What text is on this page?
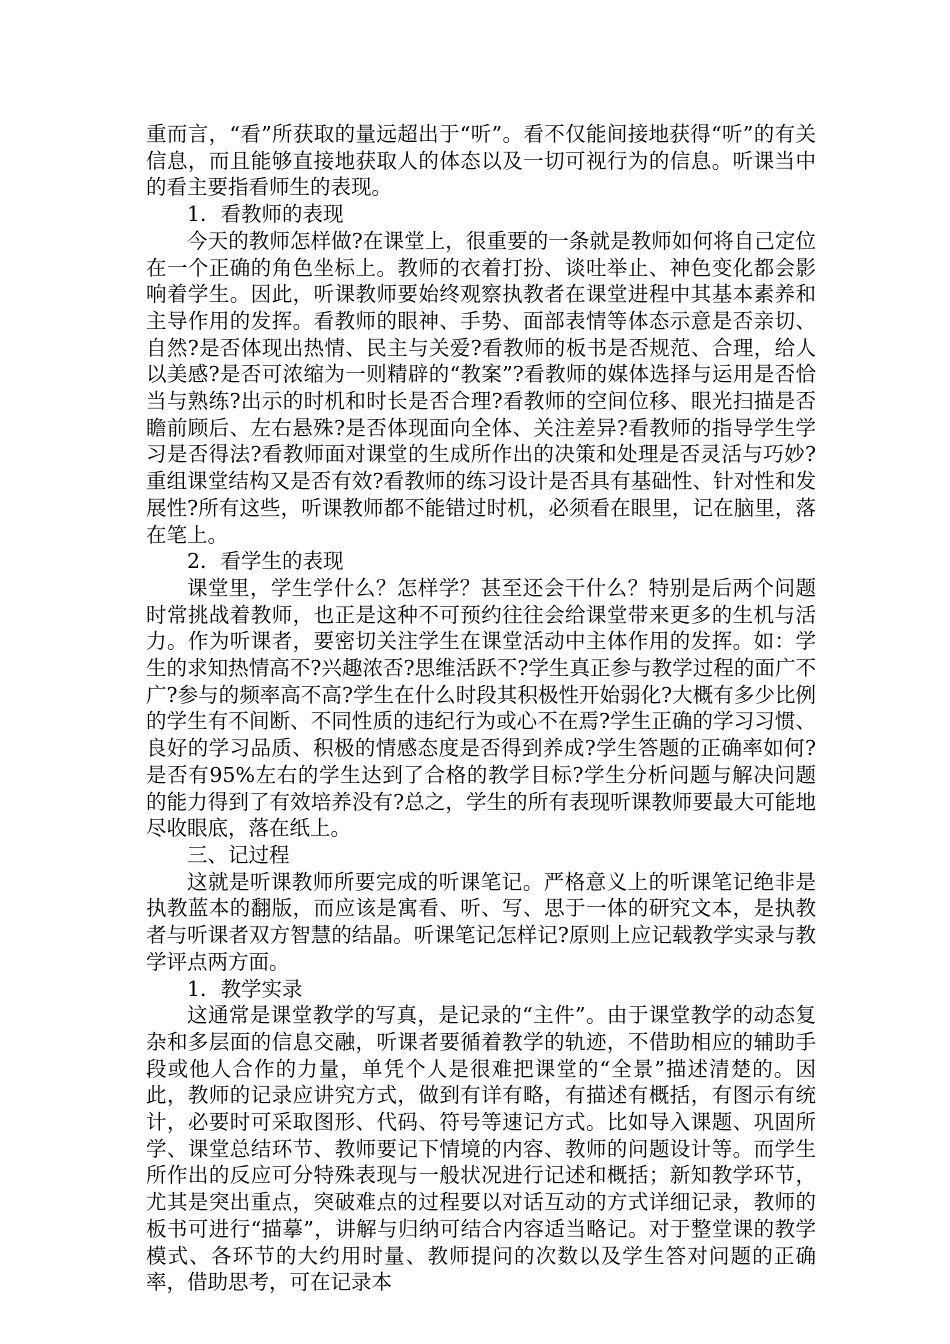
重而言，“看”所获取的量远超出于“听”。看不仅能间接地获得“听”的有关信息，而且能够直接地获取人的体态以及一切可视行为的信息。听课当中的看主要指看师生的表现。

1．看教师的表现

今天的教师怎样做?在课堂上，很重要的一条就是教师如何将自己定位在一个正确的角色坐标上。教师的衣着打扮、谈吐举止、神色变化都会影响着学生。因此，听课教师要始终观察执教者在课堂进程中其基本素养和主导作用的发挥。看教师的眼神、手势、面部表情等体态示意是否亲切、自然?是否体现出热情、民主与关爱?看教师的板书是否规范、合理，给人以美感?是否可浓缩为一则精辟的“教案”?看教师的媒体选择与运用是否恰当与熟练?出示的时机和时长是否合理?看教师的空间位移、眼光扫描是否瞻前顾后、左右悬殊?是否体现面向全体、关注差异?看教师的指导学生学习是否得法?看教师面对课堂的生成所作出的决策和处理是否灵活与巧妙?重组课堂结构又是否有效?看教师的练习设计是否具有基础性、针对性和发展性?所有这些，听课教师都不能错过时机，必须看在眼里，记在脑里，落在笔上。

2．看学生的表现

课堂里，学生学什么？怎样学？甚至还会干什么？特别是后两个问题时常挑战着教师，也正是这种不可预约往往会给课堂带来更多的生机与活力。作为听课者，要密切关注学生在课堂活动中主体作用的发挥。如：学生的求知热情高不?兴趣浓否?思维活跃不?学生真正参与教学过程的面广不广?参与的频率高不高?学生在什么时段其积极性开始弱化?大概有多少比例的学生有不间断、不同性质的违纪行为或心不在焉?学生正确的学习习惯、良好的学习品质、积极的情感态度是否得到养成?学生答题的正确率如何?是否有95%左右的学生达到了合格的教学目标?学生分析问题与解决问题的能力得到了有效培养没有?总之，学生的所有表现听课教师要最大可能地尽收眼底，落在纸上。

三、记过程

这就是听课教师所要完成的听课笔记。严格意义上的听课笔记绝非是执教蓝本的翻版，而应该是寓看、听、写、思于一体的研究文本，是执教者与听课者双方智慧的结晶。听课笔记怎样记?原则上应记载教学实录与教学评点两方面。

1．教学实录

这通常是课堂教学的写真，是记录的“主件”。由于课堂教学的动态复杂和多层面的信息交融，听课者要循着教学的轨迹，不借助相应的辅助手段或他人合作的力量，单凭个人是很难把课堂的“全景”描述清楚的。因此，教师的记录应讲究方式，做到有详有略，有描述有概括，有图示有统计，必要时可采取图形、代码、符号等速记方式。比如导入课题、巩固所学、课堂总结环节、教师要记下情境的内容、教师的问题设计等。而学生所作出的反应可分特殊表现与一般状况进行记述和概括；新知教学环节，尤其是突出重点，突破难点的过程要以对话互动的方式详细记录，教师的板书可进行“描摹”，讲解与归纳可结合内容适当略记。对于整堂课的教学模式、各环节的大约用时量、教师提问的次数以及学生答对问题的正确率，借助思考，可在记录本
